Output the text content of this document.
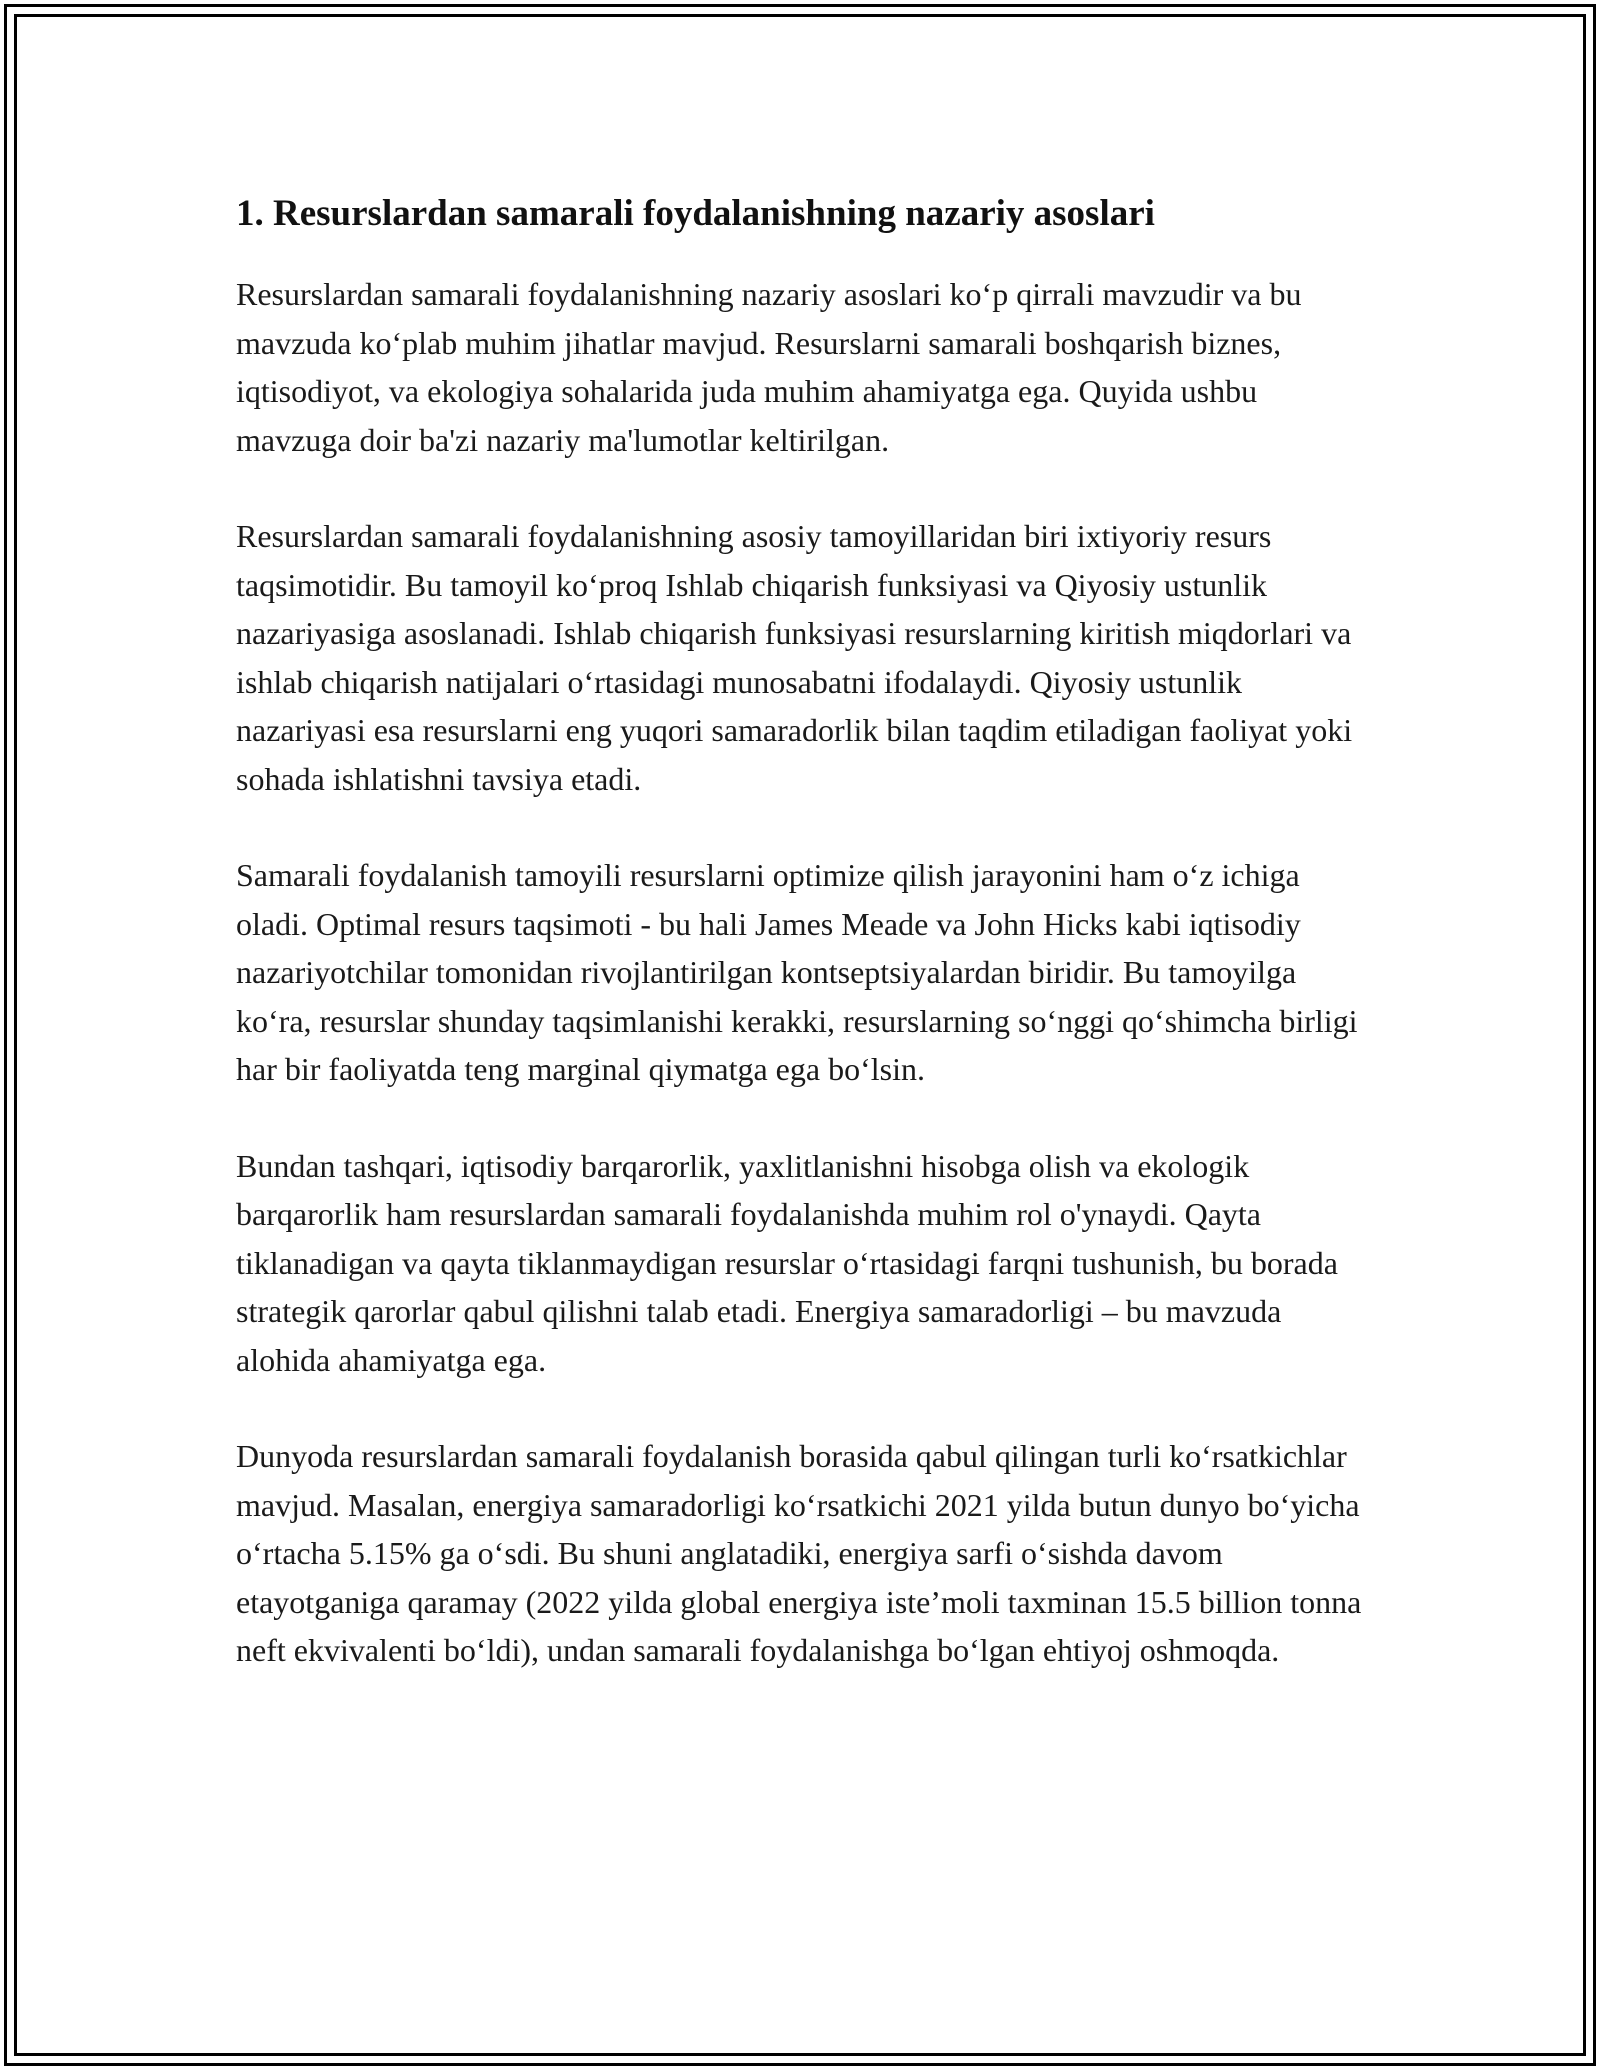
1. Resurslardan samarali foydalanishning nazariy asoslari

Resurslardan samarali foydalanishning nazariy asoslari ko‘p qirrali mavzudir va bu mavzuda ko‘plab muhim jihatlar mavjud. Resurslarni samarali boshqarish biznes, iqtisodiyot, va ekologiya sohalarida juda muhim ahamiyatga ega. Quyida ushbu mavzuga doir ba'zi nazariy ma'lumotlar keltirilgan.

Resurslardan samarali foydalanishning asosiy tamoyillaridan biri ixtiyoriy resurs taqsimotidir. Bu tamoyil ko‘proq Ishlab chiqarish funksiyasi va Qiyosiy ustunlik nazariyasiga asoslanadi. Ishlab chiqarish funksiyasi resurslarning kiritish miqdorlari va ishlab chiqarish natijalari o‘rtasidagi munosabatni ifodalaydi. Qiyosiy ustunlik nazariyasi esa resurslarni eng yuqori samaradorlik bilan taqdim etiladigan faoliyat yoki sohada ishlatishni tavsiya etadi.

Samarali foydalanish tamoyili resurslarni optimize qilish jarayonini ham o‘z ichiga oladi. Optimal resurs taqsimoti - bu hali James Meade va John Hicks kabi iqtisodiy nazariyotchilar tomonidan rivojlantirilgan kontseptsiyalardan biridir. Bu tamoyilga ko‘ra, resurslar shunday taqsimlanishi kerakki, resurslarning so‘nggi qo‘shimcha birligi har bir faoliyatda teng marginal qiymatga ega bo‘lsin.

Bundan tashqari, iqtisodiy barqarorlik, yaxlitlanishni hisobga olish va ekologik barqarorlik ham resurslardan samarali foydalanishda muhim rol o'ynaydi. Qayta tiklanadigan va qayta tiklanmaydigan resurslar o‘rtasidagi farqni tushunish, bu borada strategik qarorlar qabul qilishni talab etadi. Energiya samaradorligi – bu mavzuda alohida ahamiyatga ega.

Dunyoda resurslardan samarali foydalanish borasida qabul qilingan turli ko‘rsatkichlar mavjud. Masalan, energiya samaradorligi ko‘rsatkichi 2021 yilda butun dunyo bo‘yicha o‘rtacha 5.15% ga o‘sdi. Bu shuni anglatadiki, energiya sarfi o‘sishda davom etayotganiga qaramay (2022 yilda global energiya iste’moli taxminan 15.5 billion tonna neft ekvivalenti bo‘ldi), undan samarali foydalanishga bo‘lgan ehtiyoj oshmoqda.
